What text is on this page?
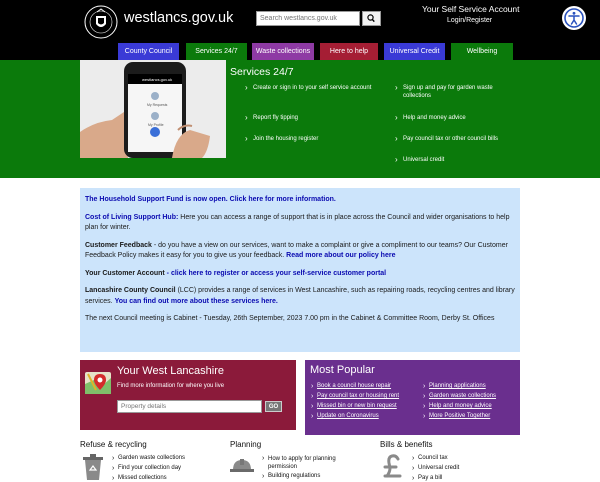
westlancs.gov.uk
Search westlancs.gov.uk
Your Self Service Account
Login/Register
County Council	Services 24/7	Waste collections	Here to help	Universal Credit	Wellbeing
westlancs.gov.uk
My Requests
My Profile
Services 24/7
› Create or sign in to your self service account
› Report fly tipping
› Join the housing register
› Sign up and pay for garden waste collections
› Help and money advice
› Pay council tax or other council bills
› Universal credit

The Household Support Fund is now open. Click here for more information.

Cost of Living Support Hub: Here you can access a range of support that is in place across the Council and wider organisations to help plan for winter.

Customer Feedback - do you have a view on our services, want to make a complaint or give a compliment to our teams? Our Customer Feedback Policy makes it easy for you to give us your feedback. Read more about our policy here

Your Customer Account - click here to register or access your self-service customer portal

Lancashire County Council (LCC) provides a range of services in West Lancashire, such as repairing roads, recycling centres and library services. You can find out more about these services here.

The next Council meeting is Cabinet - Tuesday, 26th September, 2023 7.00 pm in the Cabinet & Committee Room, Derby St. Offices

Your West Lancashire
Find more information for where you live
Property details
GO
Most Popular
› Book a council house repair
› Pay council tax or housing rent
› Missed bin or new bin request
› Update on Coronavirus
› Planning applications
› Garden waste collections
› Help and money advice
› More Positive Together
Refuse & recycling
› Garden waste collections
› Find your collection day
› Missed collections
Planning
› How to apply for planning permission
› Building regulations
Bills & benefits
› Council tax
› Universal credit
› Pay a bill
